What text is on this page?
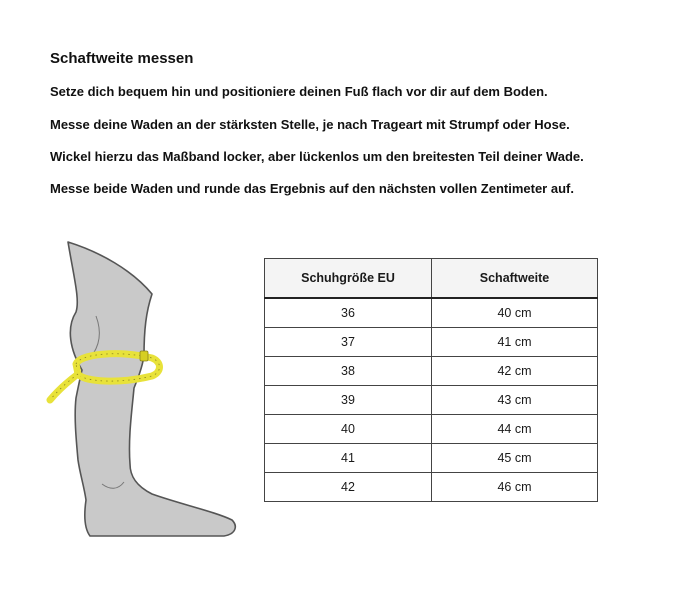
Schaftweite messen

Setze dich bequem hin und positioniere deinen Fuß flach vor dir auf dem Boden.

Messe deine Waden an der stärksten Stelle, je nach Trageart mit Strumpf oder Hose.

Wickel hierzu das Maßband locker, aber lückenlos um den breitesten Teil deiner Wade.

Messe beide Waden und runde das Ergebnis auf den nächsten vollen Zentimeter auf.

Schuhgröße EU	Schaftweite
36	40 cm
37	41 cm
38	42 cm
39	43 cm
40	44 cm
41	45 cm
42	46 cm
